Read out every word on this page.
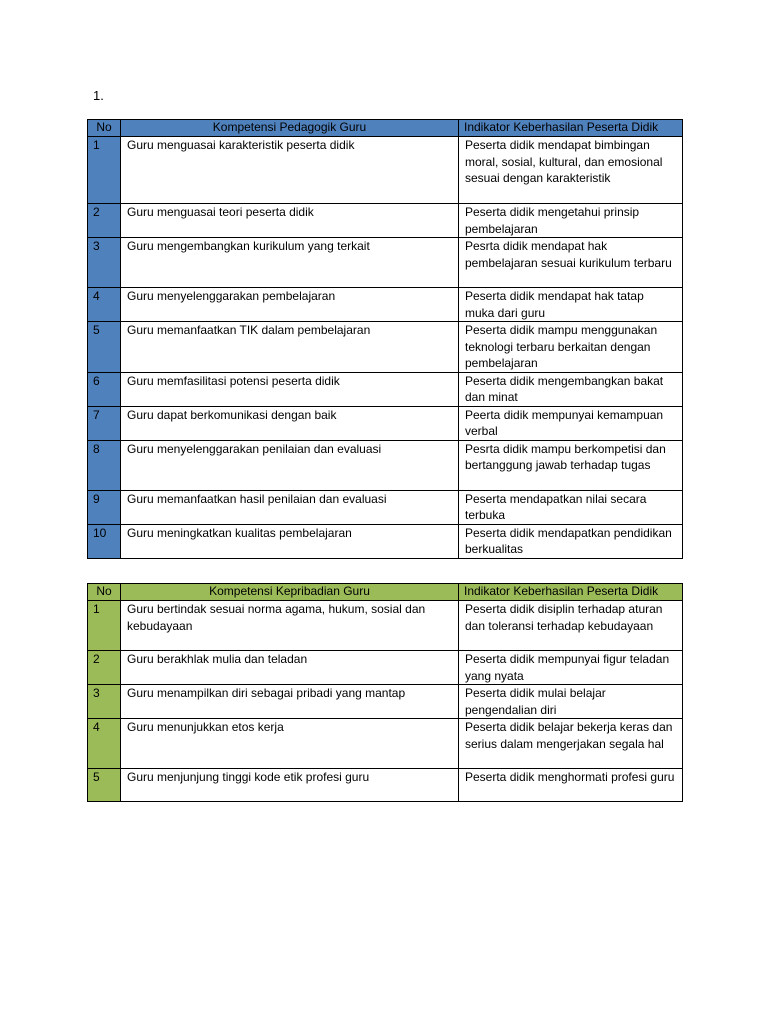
1.
No	Kompetensi Pedagogik Guru	Indikator Keberhasilan Peserta Didik
1	Guru menguasai karakteristik peserta didik	Peserta didik mendapat bimbingan moral, sosial, kultural, dan emosional sesuai dengan karakteristik
2	Guru menguasai teori peserta didik	Peserta didik mengetahui prinsip pembelajaran
3	Guru mengembangkan kurikulum yang terkait	Pesrta didik mendapat hak pembelajaran sesuai kurikulum terbaru
4	Guru menyelenggarakan pembelajaran	Peserta didik mendapat hak tatap muka dari guru
5	Guru memanfaatkan TIK dalam pembelajaran	Peserta didik mampu menggunakan teknologi terbaru berkaitan dengan pembelajaran
6	Guru memfasilitasi potensi peserta didik	Peserta didik mengembangkan bakat dan minat
7	Guru dapat berkomunikasi dengan baik	Peerta didik mempunyai kemampuan verbal
8	Guru menyelenggarakan penilaian dan evaluasi	Pesrta didik mampu berkompetisi dan bertanggung jawab terhadap tugas
9	Guru memanfaatkan hasil penilaian dan evaluasi	Peserta mendapatkan nilai secara terbuka
10	Guru meningkatkan kualitas pembelajaran	Peserta didik mendapatkan pendidikan berkualitas
No	Kompetensi Kepribadian Guru	Indikator Keberhasilan Peserta Didik
1	Guru bertindak sesuai norma agama, hukum, sosial dan kebudayaan	Peserta didik disiplin terhadap aturan dan toleransi terhadap kebudayaan
2	Guru berakhlak mulia dan teladan	Peserta didik mempunyai figur teladan yang nyata
3	Guru menampilkan diri sebagai pribadi yang mantap	Peserta didik mulai belajar pengendalian diri
4	Guru menunjukkan etos kerja	Peserta didik belajar bekerja keras dan serius dalam mengerjakan segala hal
5	Guru menjunjung tinggi kode etik profesi guru	Peserta didik menghormati profesi guru
